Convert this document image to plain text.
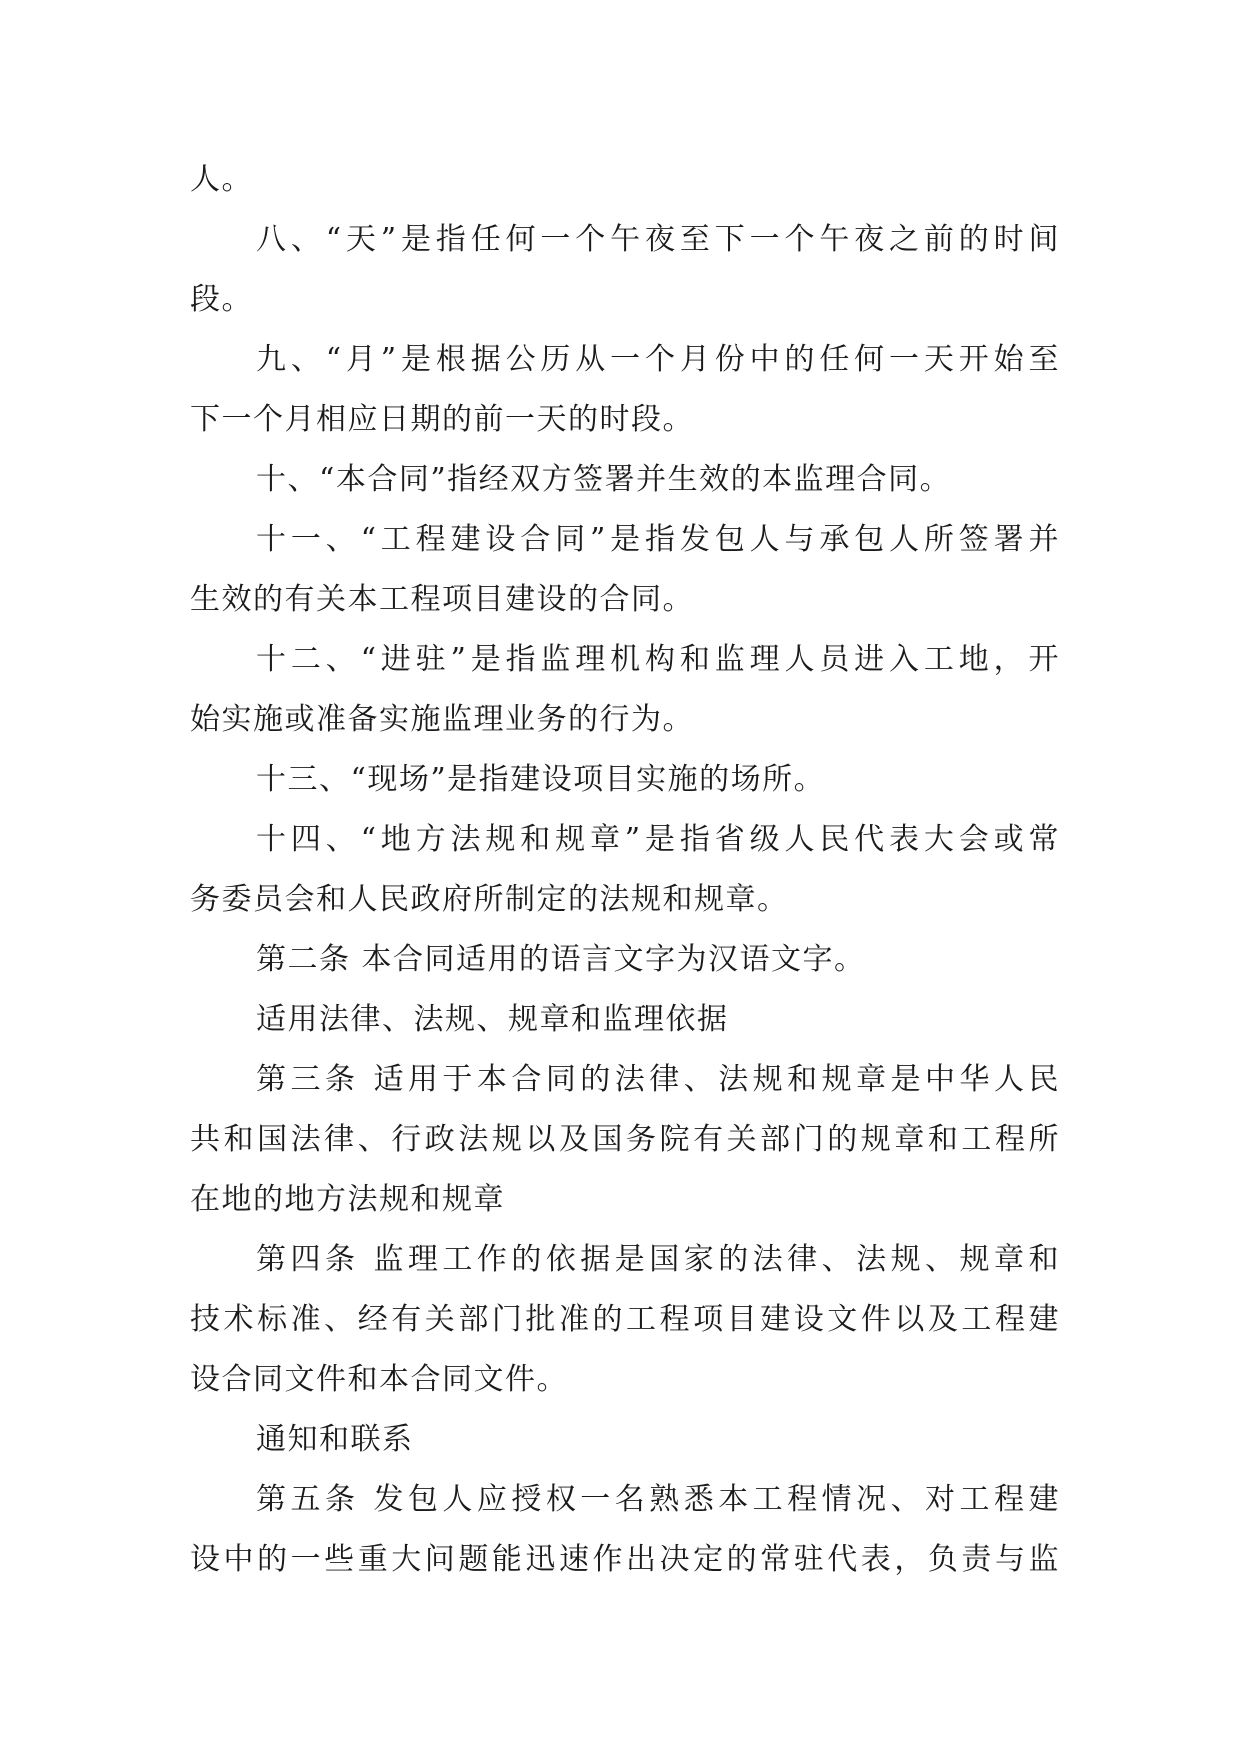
人。
八、“天”是指任何一个午夜至下一个午夜之前的时间
段。
九、“月”是根据公历从一个月份中的任何一天开始至
下一个月相应日期的前一天的时段。
十、“本合同”指经双方签署并生效的本监理合同。
十一、“工程建设合同”是指发包人与承包人所签署并
生效的有关本工程项目建设的合同。
十二、“进驻”是指监理机构和监理人员进入工地，开
始实施或准备实施监理业务的行为。
十三、“现场”是指建设项目实施的场所。
十四、“地方法规和规章”是指省级人民代表大会或常
务委员会和人民政府所制定的法规和规章。
第二条 本合同适用的语言文字为汉语文字。
适用法律、法规、规章和监理依据
第三条 适用于本合同的法律、法规和规章是中华人民
共和国法律、行政法规以及国务院有关部门的规章和工程所
在地的地方法规和规章
第四条 监理工作的依据是国家的法律、法规、规章和
技术标准、经有关部门批准的工程项目建设文件以及工程建
设合同文件和本合同文件。
通知和联系
第五条 发包人应授权一名熟悉本工程情况、对工程建
设中的一些重大问题能迅速作出决定的常驻代表，负责与监
